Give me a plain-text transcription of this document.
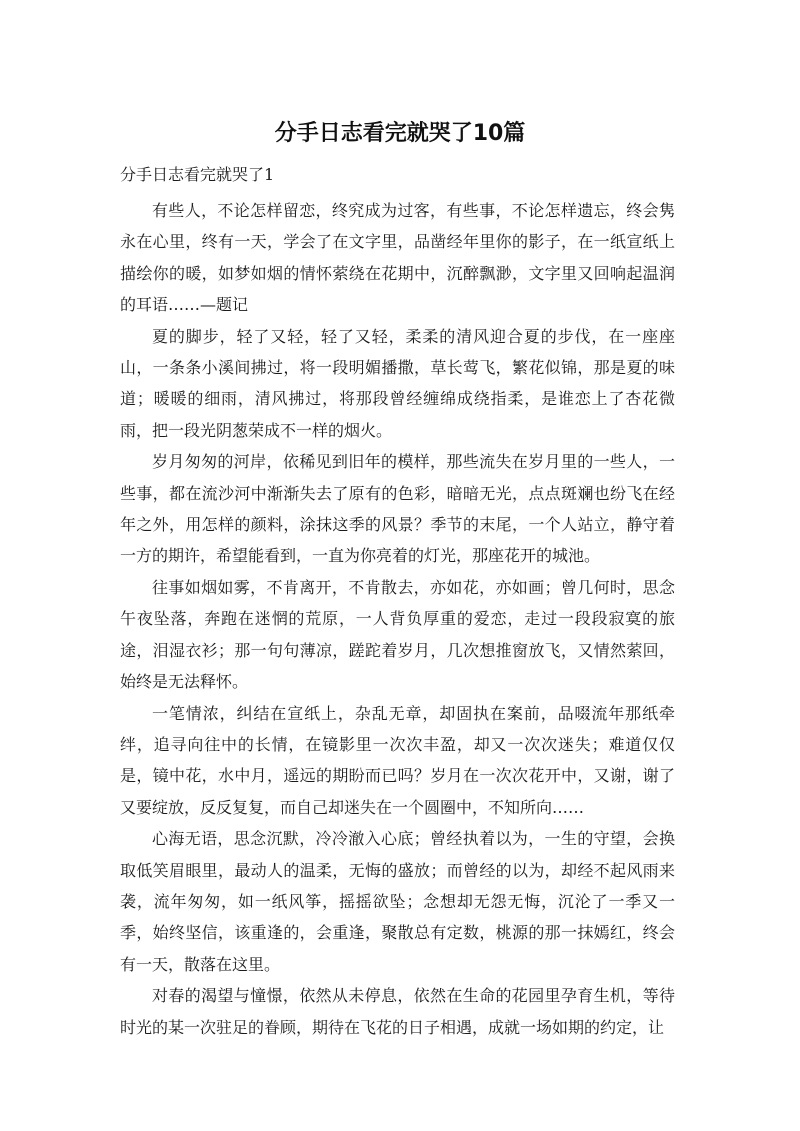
分手日志看完就哭了10篇
分手日志看完就哭了1

有些人，不论怎样留恋，终究成为过客，有些事，不论怎样遗忘，终会隽永在心里，终有一天，学会了在文字里，品凿经年里你的影子，在一纸宣纸上描绘你的暖，如梦如烟的情怀萦绕在花期中，沉醉飘渺，文字里又回响起温润的耳语……—题记

夏的脚步，轻了又轻，轻了又轻，柔柔的清风迎合夏的步伐，在一座座山，一条条小溪间拂过，将一段明媚播撒，草长莺飞，繁花似锦，那是夏的味道；暖暖的细雨，清风拂过，将那段曾经缠绵成绕指柔，是谁恋上了杏花微雨，把一段光阴葱荣成不一样的烟火。

岁月匆匆的河岸，依稀见到旧年的模样，那些流失在岁月里的一些人，一些事，都在流沙河中渐渐失去了原有的色彩，暗暗无光，点点斑斓也纷飞在经年之外，用怎样的颜料，涂抹这季的风景？季节的末尾，一个人站立，静守着一方的期许，希望能看到，一直为你亮着的灯光，那座花开的城池。

往事如烟如雾，不肯离开，不肯散去，亦如花，亦如画；曾几何时，思念午夜坠落，奔跑在迷惘的荒原，一人背负厚重的爱恋，走过一段段寂寞的旅途，泪湿衣衫；那一句句薄凉，蹉跎着岁月，几次想推窗放飞，又情然萦回，始终是无法释怀。

一笔情浓，纠结在宣纸上，杂乱无章，却固执在案前，品啜流年那纸牵绊，追寻向往中的长情，在镜影里一次次丰盈，却又一次次迷失；难道仅仅是，镜中花，水中月，遥远的期盼而已吗？岁月在一次次花开中，又谢，谢了又要绽放，反反复复，而自己却迷失在一个圆圈中，不知所向……

心海无语，思念沉默，冷冷澈入心底；曾经执着以为，一生的守望，会换取低笑眉眼里，最动人的温柔，无悔的盛放；而曾经的以为，却经不起风雨来袭，流年匆匆，如一纸风筝，摇摇欲坠；念想却无怨无悔，沉沦了一季又一季，始终坚信，该重逢的，会重逢，聚散总有定数，桃源的那一抹嫣红，终会有一天，散落在这里。

对春的渴望与憧憬，依然从未停息，依然在生命的花园里孕育生机，等待时光的某一次驻足的眷顾，期待在飞花的日子相遇，成就一场如期的约定，让
